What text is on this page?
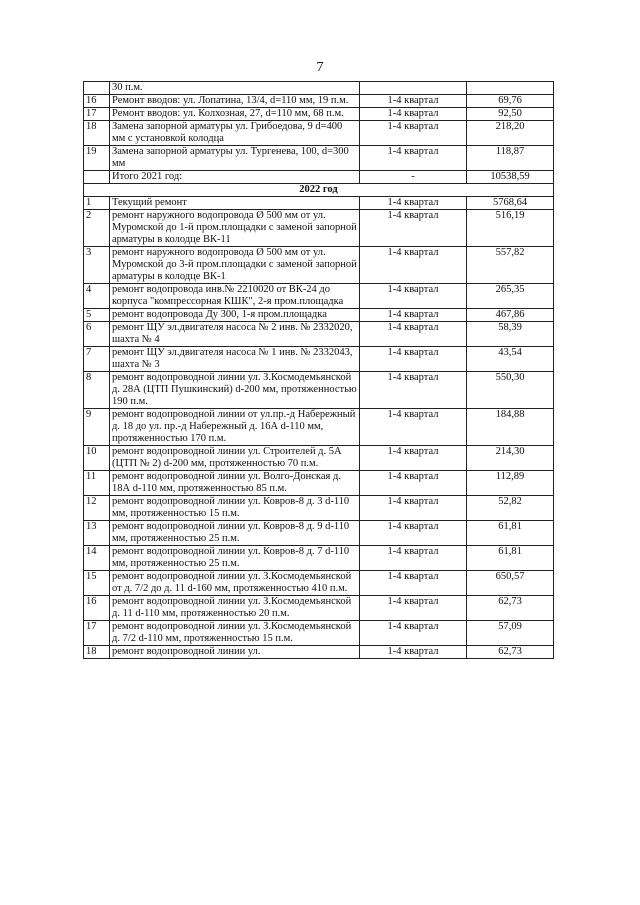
7
	30 п.м.		
16	Ремонт вводов: ул. Лопатина, 13/4, d=110 мм, 19 п.м.	1-4 квартал	69,76
17	Ремонт вводов: ул. Колхозная, 27, d=110 мм, 68 п.м.	1-4 квартал	92,50
18	Замена запорной арматуры ул. Грибоедова, 9 d=400 мм с установкой колодца	1-4 квартал	218,20
19	Замена запорной арматуры ул. Тургенева, 100, d=300 мм	1-4 квартал	118,87
	Итого 2021 год:	-	10538,59
2022 год			
1	Текущий ремонт	1-4 квартал	5768,64
2	ремонт наружного водопровода Ø 500 мм от ул. Муромской до 1-й пром.площадки с заменой запорной арматуры в колодце ВК-11	1-4 квартал	516,19
3	ремонт наружного водопровода Ø 500 мм от ул. Муромской до 3-й пром.площадки с заменой запорной арматуры в колодце ВК-1	1-4 квартал	557,82
4	ремонт водопровода инв.№ 2210020 от ВК-24 до корпуса "компрессорная КШК", 2-я пром.площадка	1-4 квартал	265,35
5	ремонт водопровода Ду 300, 1-я пром.площадка	1-4 квартал	467,86
6	ремонт ЩУ эл.двигателя насоса № 2 инв. № 2332020, шахта № 4	1-4 квартал	58,39
7	ремонт ЩУ эл.двигателя насоса № 1 инв. № 2332043, шахта № 3	1-4 квартал	43,54
8	ремонт водопроводной линии ул. З.Космодемьянской д. 28А (ЦТП Пушкинский) d-200 мм, протяженностью 190 п.м.	1-4 квартал	550,30
9	ремонт водопроводной линии от ул.пр.-д Набережный д. 18 до ул. пр.-д Набережный д. 16А d-110 мм, протяженностью 170 п.м.	1-4 квартал	184,88
10	ремонт водопроводной линии ул. Строителей д. 5А (ЦТП № 2) d-200 мм, протяженностью 70 п.м.	1-4 квартал	214,30
11	ремонт водопроводной линии ул. Волго-Донская д. 18А d-110 мм, протяженностью 85 п.м.	1-4 квартал	112,89
12	ремонт водопроводной линии ул. Ковров-8 д. 3 d-110 мм, протяженностью 15 п.м.	1-4 квартал	52,82
13	ремонт водопроводной линии ул. Ковров-8 д. 9 d-110 мм, протяженностью 25 п.м.	1-4 квартал	61,81
14	ремонт водопроводной линии ул. Ковров-8 д. 7 d-110 мм, протяженностью 25 п.м.	1-4 квартал	61,81
15	ремонт водопроводной линии ул. З.Космодемьянской от д. 7/2 до д. 11 d-160 мм, протяженностью 410 п.м.	1-4 квартал	650,57
16	ремонт водопроводной линии ул. З.Космодемьянской д. 11 d-110 мм, протяженностью 20 п.м.	1-4 квартал	62,73
17	ремонт водопроводной линии ул. З.Космодемьянской д. 7/2 d-110 мм, протяженностью 15 п.м.	1-4 квартал	57,09
18	ремонт водопроводной линии ул.	1-4 квартал	62,73
